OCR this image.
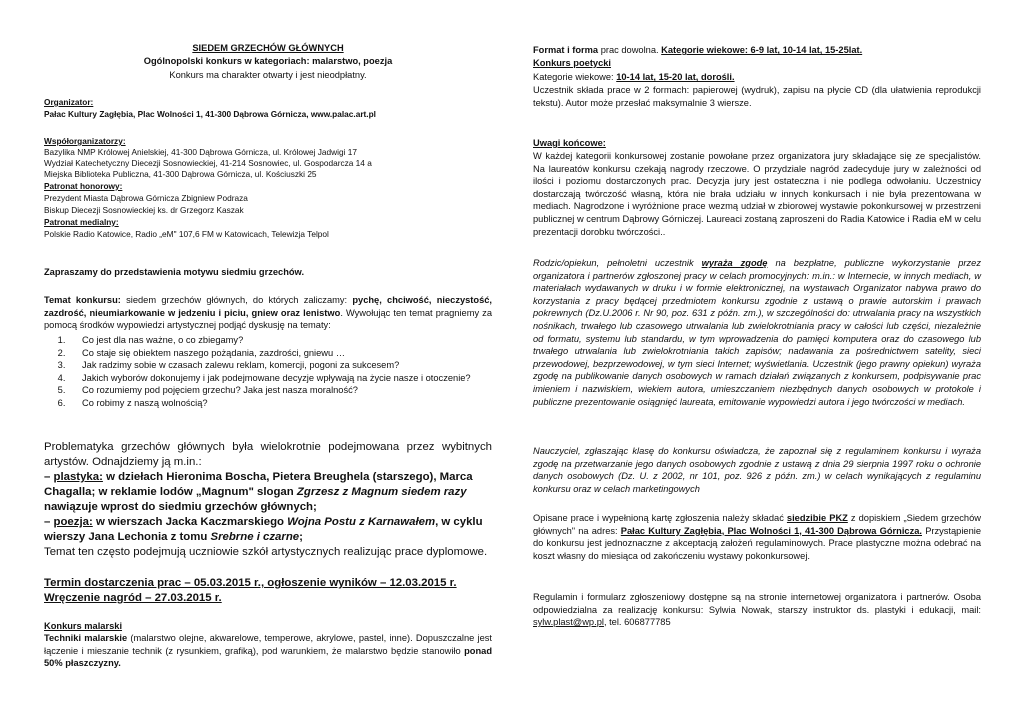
SIEDEM GRZECHÓW GŁÓWNYCH

Ogólnopolski konkurs w kategoriach: malarstwo, poezja

Konkurs ma charakter otwarty i jest nieodpłatny.

Organizator:

Pałac Kultury Zagłębia, Plac Wolności 1, 41-300 Dąbrowa Górnicza, www.palac.art.pl

Współorganizatorzy:

Bazylika NMP Królowej Anielskiej, 41-300 Dąbrowa Górnicza, ul. Królowej Jadwigi 17

Wydział Katechetyczny Diecezji Sosnowieckiej, 41-214 Sosnowiec, ul. Gospodarcza 14 a

Miejska Biblioteka Publiczna, 41-300 Dąbrowa Górnicza, ul. Kościuszki 25

Patronat honorowy:

Prezydent Miasta Dąbrowa Górnicza Zbigniew Podraza

Biskup Diecezji Sosnowieckiej ks. dr Grzegorz Kaszak

Patronat medialny:

Polskie Radio Katowice, Radio „eM" 107,6 FM w Katowicach, Telewizja Telpol

Zapraszamy do przedstawienia motywu siedmiu grzechów.

Temat konkursu: siedem grzechów głównych, do których zaliczamy: pychę, chciwość, nieczystość, zazdrość, nieumiarkowanie w jedzeniu i piciu, gniew oraz lenistwo. Wywołując ten temat pragniemy za pomocą środków wypowiedzi artystycznej podjąć dyskusję na tematy:

1. Co jest dla nas ważne, o co zbiegamy?
2. Co staje się obiektem naszego pożądania, zazdrości, gniewu …
3. Jak radzimy sobie w czasach zalewu reklam, komercji, pogoni za sukcesem?
4. Jakich wyborów dokonujemy i jak podejmowane decyzje wpływają na życie nasze i otoczenie?
5. Co rozumiemy pod pojęciem grzechu? Jaka jest nasza moralność?
6. Co robimy z naszą wolnością?

Problematyka grzechów głównych była wielokrotnie podejmowana przez wybitnych artystów. Odnajdziemy ją m.in.:

– plastyka: w dziełach Hieronima Boscha, Pietera Breughela (starszego), Marca Chagalla; w reklamie lodów „Magnum" slogan Zgrzesz z Magnum siedem razy nawiązuje wprost do siedmiu grzechów głównych;

– poezja: w wierszach Jacka Kaczmarskiego Wojna Postu z Karnawałem, w cyklu wierszy Jana Lechonia z tomu Srebrne i czarne;

Temat ten często podejmują uczniowie szkół artystycznych realizując prace dyplomowe.

Termin dostarczenia prac – 05.03.2015 r., ogłoszenie wyników – 12.03.2015 r.

Wręczenie nagród – 27.03.2015 r.

Konkurs malarski

Techniki malarskie (malarstwo olejne, akwarelowe, temperowe, akrylowe, pastel, inne). Dopuszczalne jest łączenie i mieszanie technik (z rysunkiem, grafiką), pod warunkiem, że malarstwo będzie stanowiło ponad 50% płaszczyzny.

Format i forma prac dowolna. Kategorie wiekowe: 6-9 lat, 10-14 lat, 15-25lat.

Konkurs poetycki

Kategorie wiekowe: 10-14 lat, 15-20 lat, dorośli.

Uczestnik składa prace w 2 formach: papierowej (wydruk), zapisu na płycie CD (dla ułatwienia reprodukcji tekstu). Autor może przesłać maksymalnie 3 wiersze.

Uwagi końcowe:

W każdej kategorii konkursowej zostanie powołane przez organizatora jury składające się ze specjalistów. Na laureatów konkursu czekają nagrody rzeczowe. O przydziale nagród zadecyduje jury w zależności od ilości i poziomu dostarczonych prac. Decyzja jury jest ostateczna i nie podlega odwołaniu. Uczestnicy dostarczają twórczość własną, która nie brała udziału w innych konkursach i nie była prezentowana w mediach. Nagrodzone i wyróżnione prace wezmą udział w zbiorowej wystawie pokonkursowej w przestrzeni publicznej w centrum Dąbrowy Górniczej. Laureaci zostaną zaproszeni do Radia Katowice i Radia eM w celu prezentacji dorobku twórczości..

Rodzic/opiekun, pełnoletni uczestnik wyraża zgodę na bezpłatne, publiczne wykorzystanie przez organizatora i partnerów zgłoszonej pracy w celach promocyjnych: m.in.: w Internecie, w innych mediach, w materiałach wydawanych w druku i w formie elektronicznej, na wystawach Organizator nabywa prawo do korzystania z pracy będącej przedmiotem konkursu zgodnie z ustawą o prawie autorskim i prawach pokrewnych (Dz.U.2006 r. Nr 90, poz. 631 z późn. zm.), w szczególności do: utrwalania pracy na wszystkich nośnikach, trwałego lub czasowego utrwalania lub zwielokrotniania pracy w całości lub części, niezależnie od formatu, systemu lub standardu, w tym wprowadzenia do pamięci komputera oraz do czasowego lub trwałego utrwalania lub zwielokrotniania takich zapisów; nadawania za pośrednictwem satelity, sieci przewodowej, bezprzewodowej, w tym sieci Internet; wyświetlania. Uczestnik (jego prawny opiekun) wyraża zgodę na publikowanie danych osobowych w ramach działań związanych z konkursem, podpisywanie prac imieniem i nazwiskiem, wiekiem autora, umieszczaniem niezbędnych danych osobowych w protokole i publiczne prezentowanie osiągnięć laureata, emitowanie wypowiedzi autora i jego twórczości w mediach.

Nauczyciel, zgłaszając klasę do konkursu oświadcza, że zapoznał się z regulaminem konkursu i wyraża zgodę na przetwarzanie jego danych osobowych zgodnie z ustawą z dnia 29 sierpnia 1997 roku o ochronie danych osobowych (Dz. U. z 2002, nr 101, poz. 926 z późn. zm.) w celach wynikających z regulaminu konkursu oraz w celach marketingowych

Opisane prace i wypełnioną kartę zgłoszenia należy składać siedzibie PKZ z dopiskiem „Siedem grzechów głównych" na adres: Pałac Kultury Zagłębia, Plac Wolności 1, 41-300 Dąbrowa Górnicza. Przystąpienie do konkursu jest jednoznaczne z akceptacją założeń regulaminowych. Prace plastyczne można odebrać na koszt własny do miesiąca od zakończeniu wystawy pokonkursowej.

Regulamin i formularz zgłoszeniowy dostępne są na stronie internetowej organizatora i partnerów. Osoba odpowiedzialna za realizację konkursu: Sylwia Nowak, starszy instruktor ds. plastyki i edukacji, mail: sylw.plast@wp.pl, tel. 606877785
